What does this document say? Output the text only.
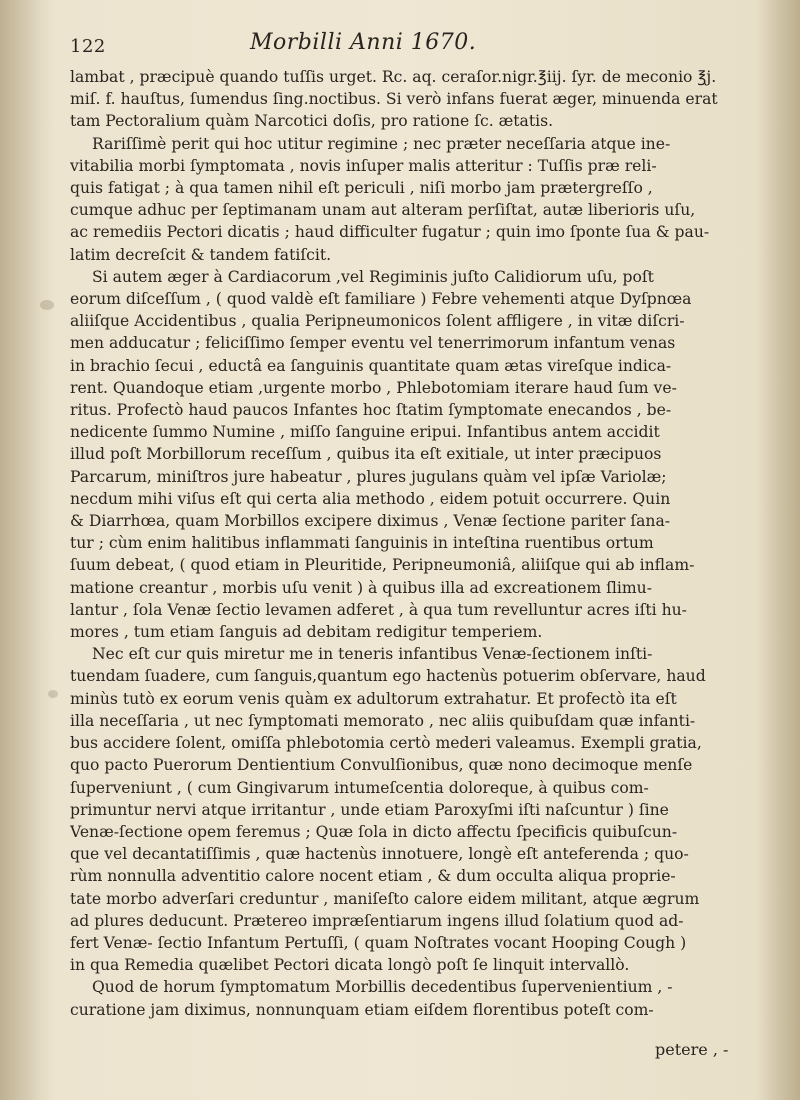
122	Morbilli Anni 1670.
lambat , præcipuè quando tuſſis urget. Rc. aq. ceraſor.nigr.℥iij. ſyr. de meconio ℥j.
miſ. f. hauſtus, ſumendus ſing.noctibus. Si verò infans fuerat æger, minuenda erat
tam Pectoralium quàm Narcotici doſis, pro ratione ſc. ætatis.
Rariſſimè perit qui hoc utitur regimine ; nec præter neceſſaria atque ine-
vitabilia morbi ſymptomata , novis inſuper malis atteritur : Tuſſis præ reli-
quis fatigat ; à qua tamen nihil eſt periculi , niſi morbo jam prætergreſſo ,
cumque adhuc per ſeptimanam unam aut alteram perſiſtat, autæ liberioris uſu,
ac remediis Pectori dicatis ; haud difficulter fugatur ; quin imo ſponte ſua & pau-
latim decreſcit & tandem fatiſcit.
Si autem æger à Cardiacorum ,vel Regiminis juſto Calidiorum uſu, poſt
eorum diſceſſum , ( quod valdè eſt familiare ) Febre vehementi atque Dyſpnœa
aliiſque Accidentibus , qualia Peripneumonicos ſolent affligere , in vitæ diſcri-
men adducatur ; feliciſſimo ſemper eventu vel tenerrimorum infantum venas
in brachio ſecui , eductâ ea ſanguinis quantitate quam ætas vireſque indica-
rent. Quandoque etiam ,urgente morbo , Phlebotomiam iterare haud ſum ve-
ritus. Profectò haud paucos Infantes hoc ſtatim ſymptomate enecandos , be-
nedicente ſummo Numine , miſſo ſanguine eripui. Infantibus antem accidit
illud poſt Morbillorum receſſum , quibus ita eſt exitiale, ut inter præcipuos
Parcarum, miniſtros jure habeatur , plures jugulans quàm vel ipſæ Variolæ;
necdum mihi viſus eſt qui certa alia methodo , eidem potuit occurrere. Quin
& Diarrhœa, quam Morbillos excipere diximus , Venæ ſectione pariter ſana-
tur ; cùm enim halitibus inflammati ſanguinis in inteſtina ruentibus ortum
ſuum debeat, ( quod etiam in Pleuritide, Peripneumoniâ, aliiſque qui ab inflam-
matione creantur , morbis uſu venit ) à quibus illa ad excreationem ſlimu-
lantur , ſola Venæ ſectio levamen adferet , à qua tum revelluntur acres iſti hu-
mores , tum etiam ſanguis ad debitam redigitur temperiem.
Nec eſt cur quis miretur me in teneris infantibus Venæ-ſectionem inſti-
tuendam ſuadere, cum ſanguis,quantum ego hactenùs potuerim obſervare, haud
minùs tutò ex eorum venis quàm ex adultorum extrahatur. Et profectò ita eſt
illa neceſſaria , ut nec ſymptomati memorato , nec aliis quibuſdam quæ infanti-
bus accidere ſolent, omiſſa phlebotomia certò mederi valeamus. Exempli gratia,
quo pacto Puerorum Dentientium Convulſionibus, quæ nono decimoque menſe
ſuperveniunt , ( cum Gingivarum intumeſcentia doloreque, à quibus com-
primuntur nervi atque irritantur , unde etiam Paroxyſmi iſti naſcuntur ) ſine
Venæ-ſectione opem feremus ; Quæ ſola in dicto affectu ſpecificis quibuſcun-
que vel decantatiſſimis , quæ hactenùs innotuere, longè eſt anteferenda ; quo-
rùm nonnulla adventitio calore nocent etiam , & dum occulta aliqua proprie-
tate morbo adverſari creduntur , maniſeſto calore eidem militant, atque ægrum
ad plures deducunt. Prætereo impræſentiarum ingens illud ſolatium quod ad-
fert Venæ- ſectio Infantum Pertuſſi, ( quam Noſtrates vocant Hooping Cough )
in qua Remedia quælibet Pectori dicata longò poſt ſe linquit intervallò.
Quod de horum ſymptomatum Morbillis decedentibus ſupervenientium , -
curatione jam diximus, nonnunquam etiam eiſdem florentibus poteſt com-
petere , -
